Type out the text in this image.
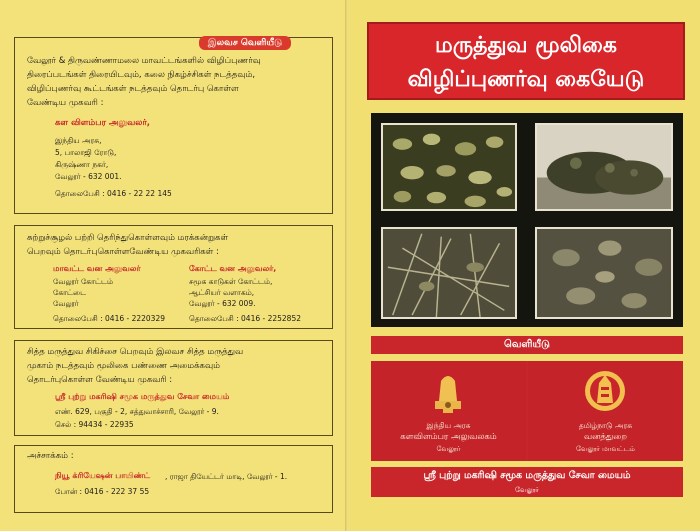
இலவச வெளியீடு
வேலூர் & திருவண்ணாமலை மாவட்டங்களில் விழிப்புணர்வு
திரைப்படங்கள் திரையிடவும், கலை நிகழ்ச்சிகள் நடத்தவும்,
விழிப்புணர்வு கூட்டங்கள் நடத்தவும் தொடர்பு கொள்ள
வேண்டிய முகவரி :
கள விளம்பர அலுவலர்,
இந்திய அரசு,
5, பாலாஜி ரோடு,
கிருஷ்ணா நகர்,
வேலூர் - 632 001.
தொலைபேசி : 0416 - 22 22 145
சுற்றுச்சூழல் பற்றி தெரிந்துகொள்ளவும் மரக்கன்றுகள்
பெறவும் தொடர்புகொள்ளவேண்டிய முகவரிகள் :
மாவட்ட வன அலுவலர்
வேலூர் கோட்டம்
கோட்டை
வேலூர்
தொலைபேசி : 0416 - 2220329
கோட்ட வன அலுவலர்,
சமூக காடுகள் கோட்டம்,
ஆட்சியர் வளாகம்,
வேலூர் - 632 009.
தொலைபேசி : 0416 - 2252852
சித்த மருத்துவ சிகிச்சை பெறவும் இலவச சித்த மருத்துவ
முகாம் நடத்தவும் மூலிகை பண்ணை அமைக்கவும்
தொடர்புகொள்ள வேண்டிய முகவரி :
ஸ்ரீ புற்று மகரிஷி சமூக மருத்துவ சேவா மையம்
எண். 629, பகுதி - 2, சத்துவாச்சாரி, வேலூர் - 9.
செல் : 94434 - 22935
அச்சாக்கம் :
நியூ க்ரியேஷன் பாயிண்ட் , ராஜா தியேட்டர் மாடி, வேலூர் - 1.
போன் : 0416 - 222 37 55
மருத்துவ மூலிகை
விழிப்புணர்வு கையேடு
வெளியீடு
இந்திய அரசு
களவிளம்பர அலுவலகம்
வேலூர்
தமிழ்நாடு அரசு
வனத்துறை
வேலூர் மாவட்டம்
ஸ்ரீ புற்று மகரிஷி சமூக மருத்துவ சேவா மையம்
வேலூர்
